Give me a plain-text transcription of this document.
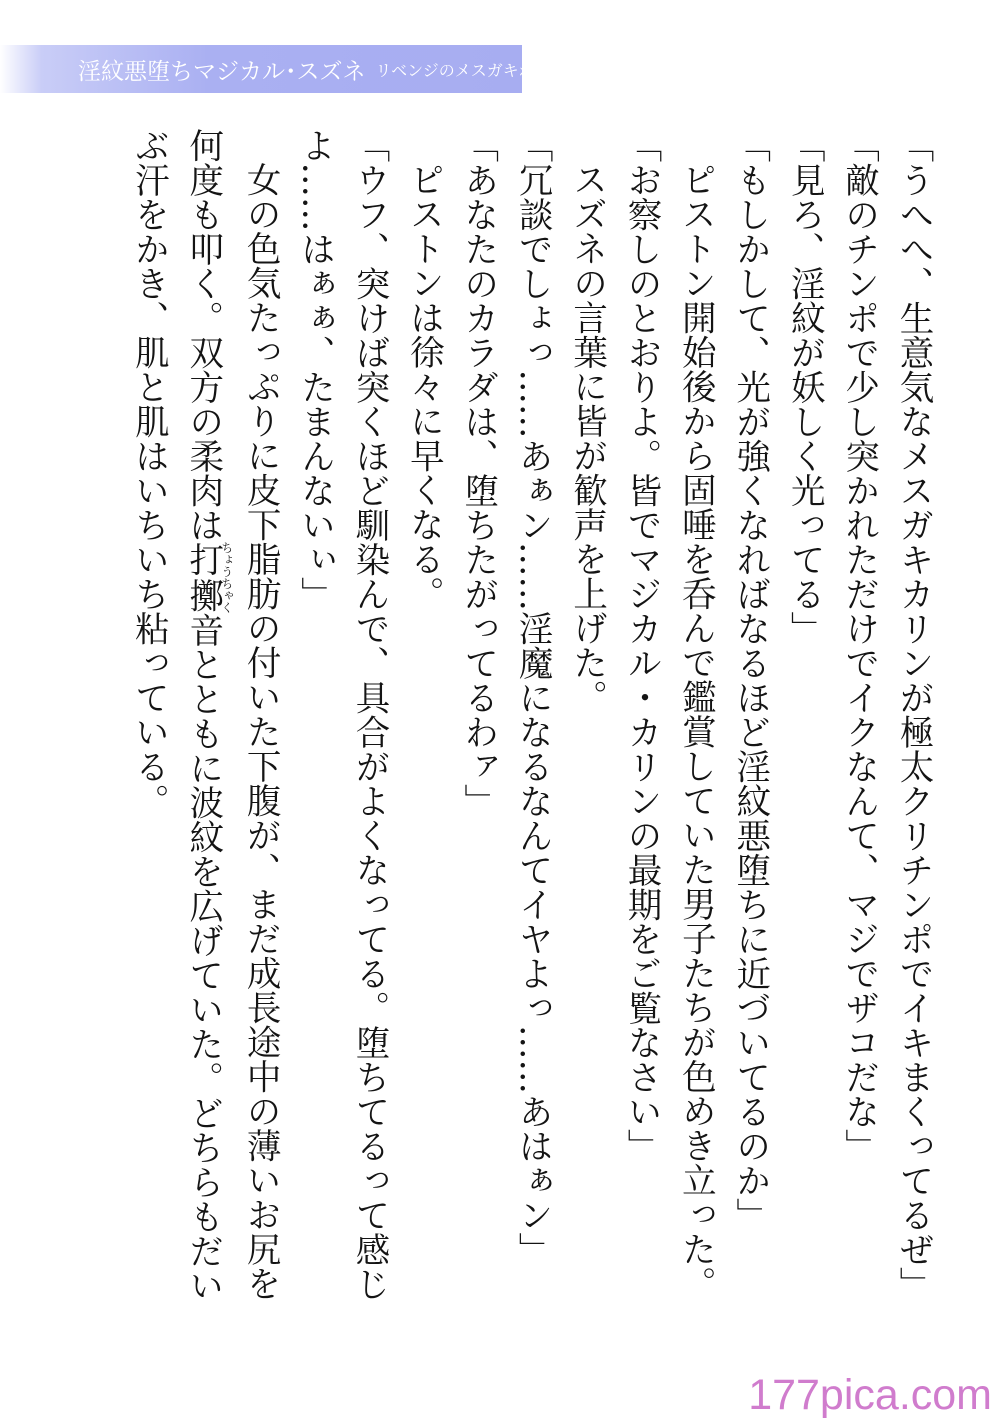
淫紋悪堕ちマジカル･スズネ リベンジのメスガキわからせ
「うへへ、生意気なメスガキカリンが極太クリチンポでイキまくってるぜ」
「敵のチンポで少し突かれただけでイクなんて、マジでザコだな」
「見ろ、淫紋が妖しく光ってる」
「もしかして、光が強くなればなるほど淫紋悪堕ちに近づいてるのか」
ピストン開始後から固唾を呑んで鑑賞していた男子たちが色めき立った。
「お察しのとおりよ。皆でマジカル・カリンの最期をご覧なさい」
スズネの言葉に皆が歓声を上げた。
「冗談でしょっ……あぁン……淫魔になるなんてイヤよっ……あはぁン」
「あなたのカラダは、堕ちたがってるわァ」
ピストンは徐々に早くなる。
「ウフ、突けば突くほど馴染んで、具合がよくなってる。堕ちてるって感じ
よ……はぁぁ、たまんないぃ」
女の色気たっぷりに皮下脂肪の付いた下腹が、まだ成長途中の薄いお尻を
何度も叩く。双方の柔肉は打擲ちょうちゃく音とともに波紋を広げていた。どちらもだい
ぶ汗をかき、肌と肌はいちいち粘っている。
177pica.com
